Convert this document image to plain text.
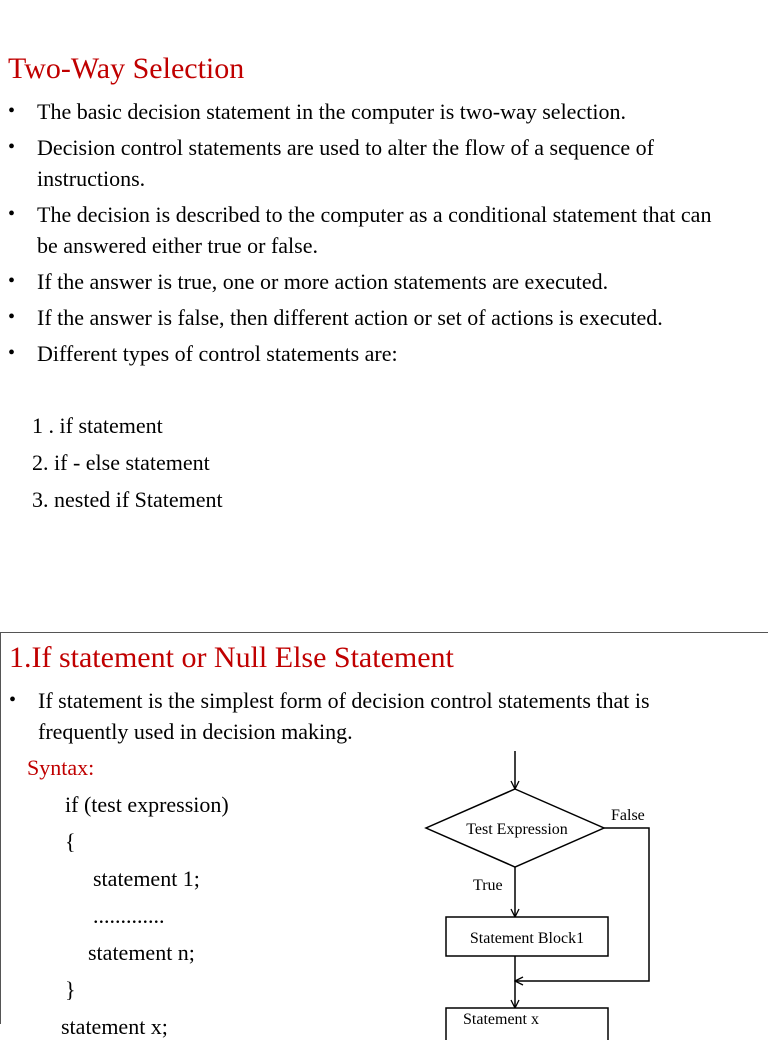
Two-Way Selection
• The basic decision statement in the computer is two-way selection.
• Decision control statements are used to alter the flow of a sequence of instructions.
• The decision is described to the computer as a conditional statement that can be answered either true or false.
• If the answer is true, one or more action statements are executed.
• If the answer is false, then different action or set of actions is executed.
• Different types of control statements are:
1 . if statement
2. if - else statement
3. nested if Statement
1.If statement or Null Else Statement
• If statement is the simplest form of decision control statements that is frequently used in decision making.
Syntax:
if (test expression)
{
statement 1;
.............
statement n;
}
statement x;
Test Expression
False
True
Statement Block1
Statement x
